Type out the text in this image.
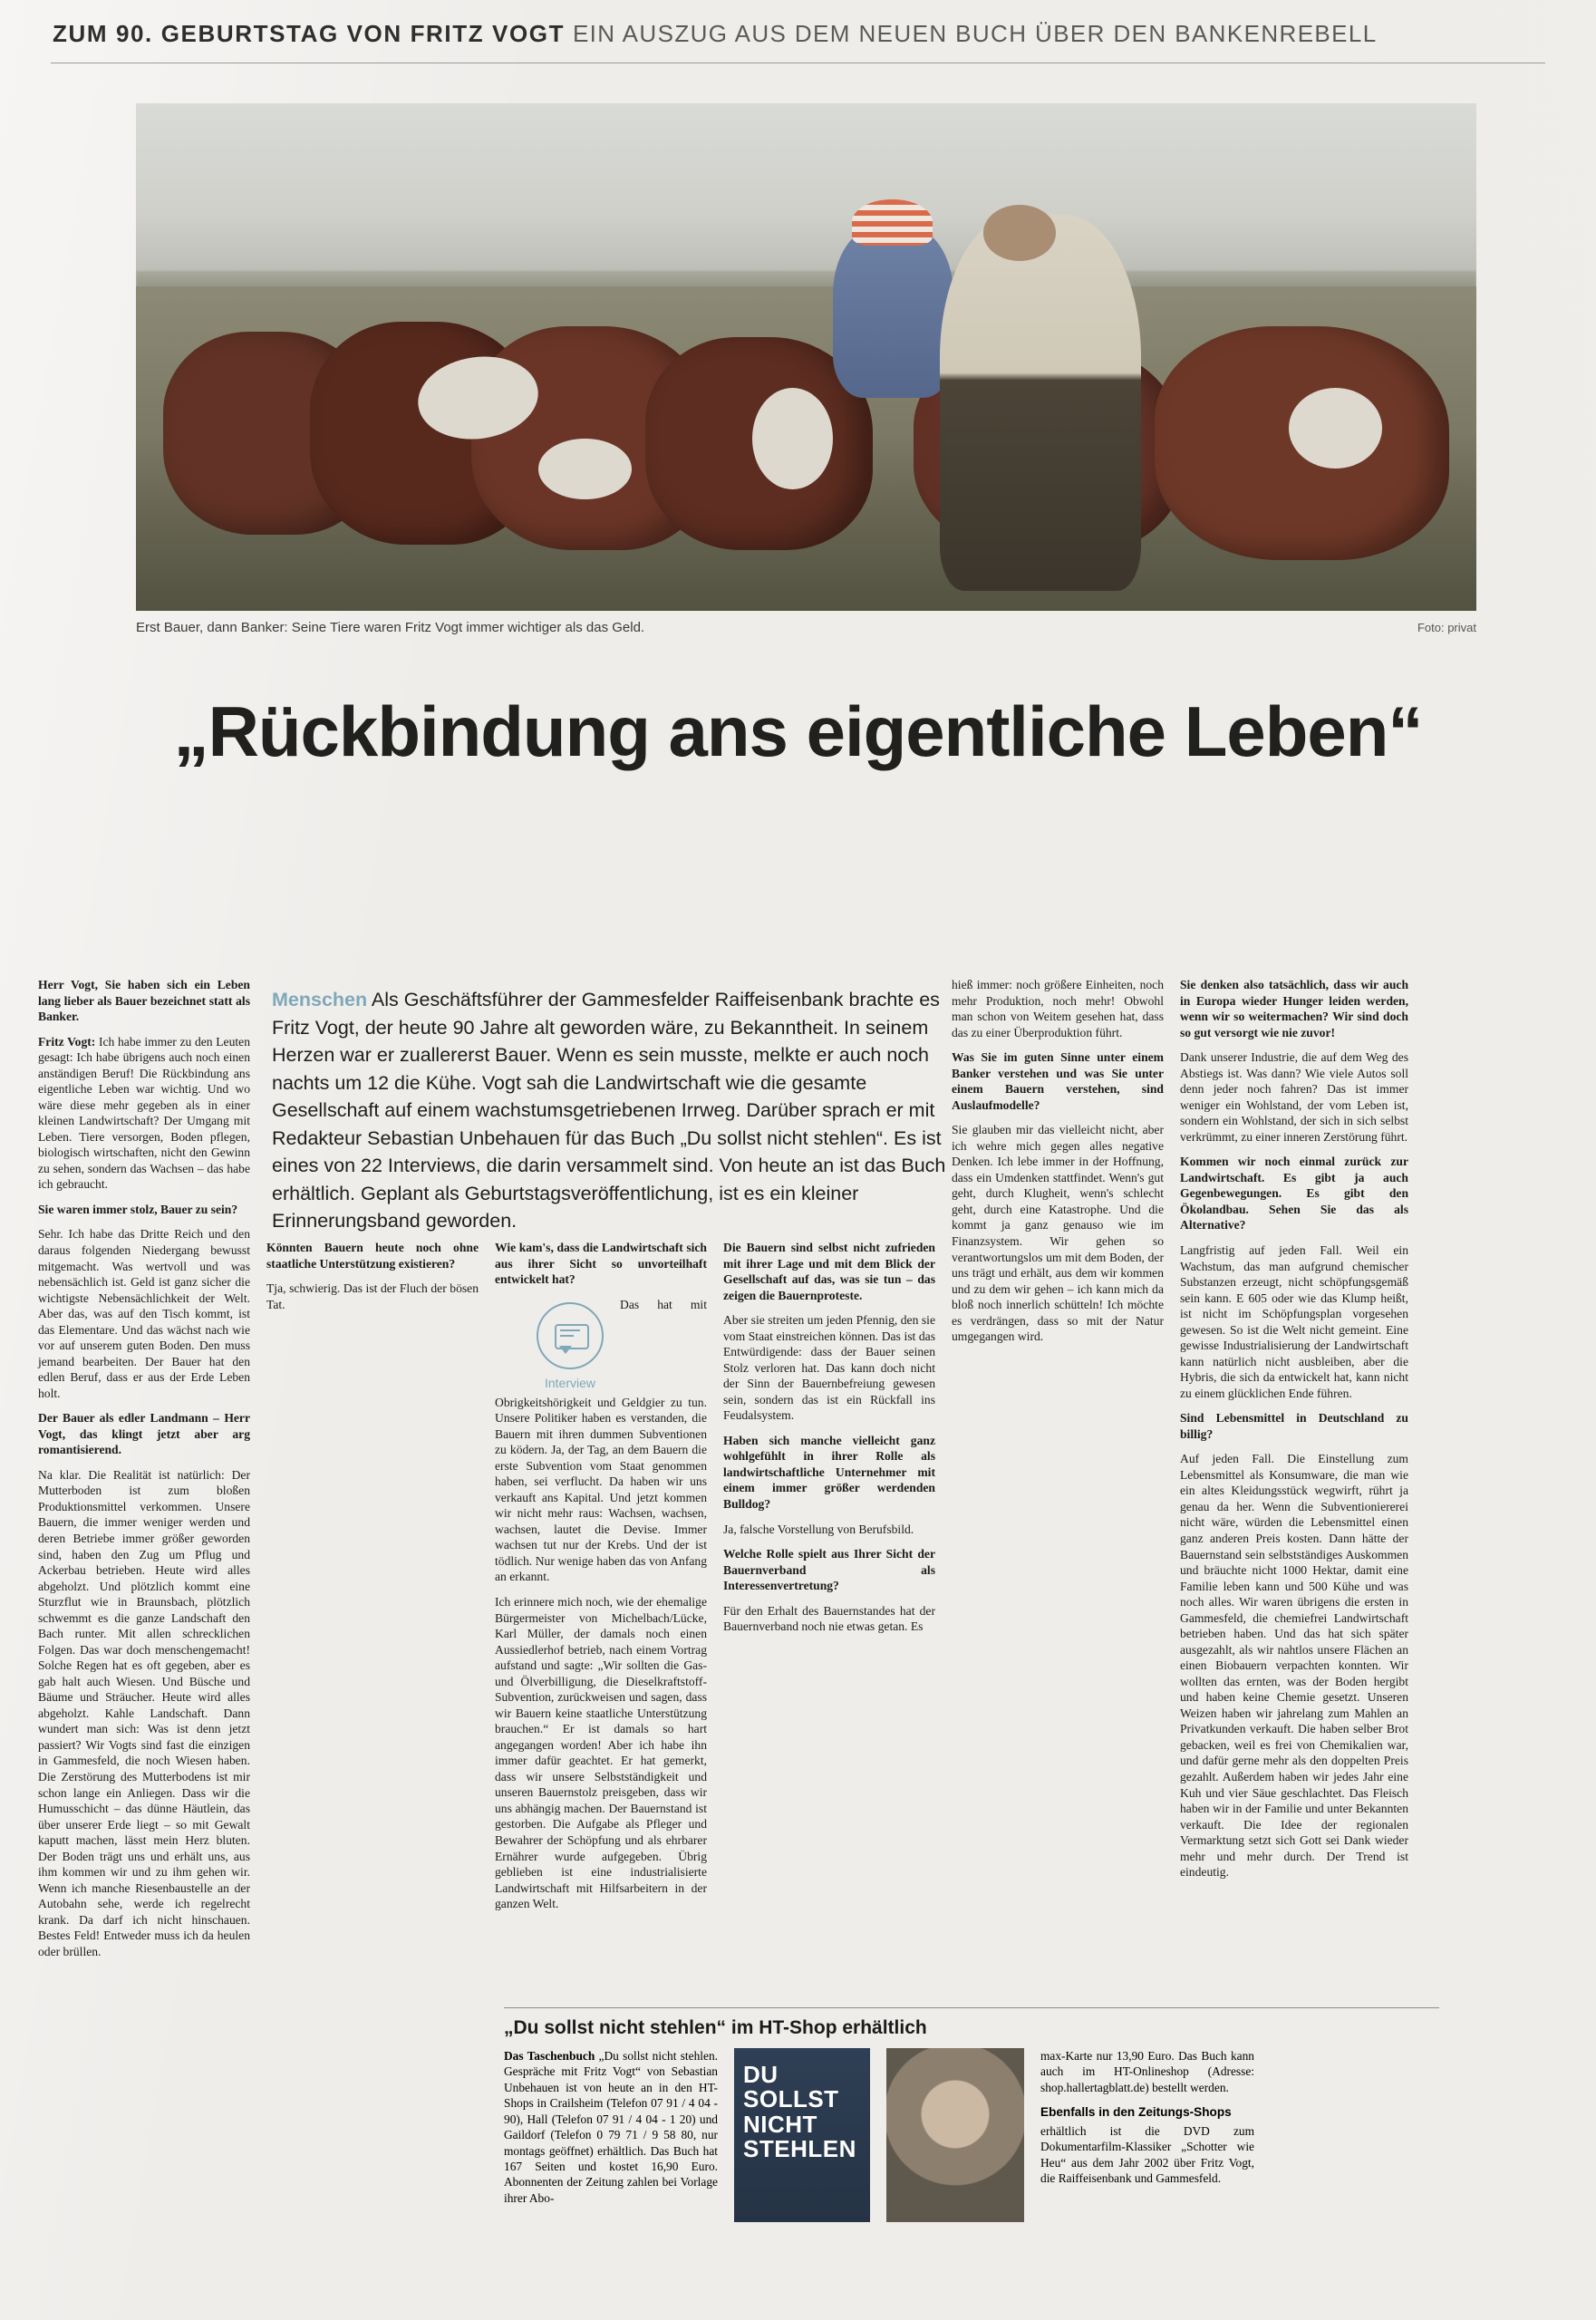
ZUM 90. GEBURTSTAG VON FRITZ VOGT EIN AUSZUG AUS DEM NEUEN BUCH ÜBER DEN BANKENREBELL
Erst Bauer, dann Banker: Seine Tiere waren Fritz Vogt immer wichtiger als das Geld.	Foto: privat
„Rückbindung ans eigentliche Leben“

Herr Vogt, Sie haben sich ein Leben lang lieber als Bauer bezeichnet statt als Banker.

Fritz Vogt: Ich habe immer zu den Leuten gesagt: Ich habe übrigens auch noch einen anständigen Beruf! Die Rückbindung ans eigentliche Leben war wichtig. Und wo wäre diese mehr gegeben als in einer kleinen Landwirtschaft? Der Umgang mit Leben. Tiere versorgen, Boden pflegen, biologisch wirtschaften, nicht den Gewinn zu sehen, sondern das Wachsen – das habe ich gebraucht.

Sie waren immer stolz, Bauer zu sein?

Sehr. Ich habe das Dritte Reich und den daraus folgenden Niedergang bewusst mitgemacht. Was wertvoll und was nebensächlich ist. Geld ist ganz sicher die wichtigste Nebensächlichkeit der Welt. Aber das, was auf den Tisch kommt, ist das Elementare. Und das wächst nach wie vor auf unserem guten Boden. Den muss jemand bearbeiten. Der Bauer hat den edlen Beruf, dass er aus der Erde Leben holt.

Der Bauer als edler Landmann – Herr Vogt, das klingt jetzt aber arg romantisierend.

Na klar. Die Realität ist natürlich: Der Mutterboden ist zum bloßen Produktionsmittel verkommen. Unsere Bauern, die immer weniger werden und deren Betriebe immer größer geworden sind, haben den Zug um Pflug und Ackerbau betrieben. Heute wird alles abgeholzt. Und plötzlich kommt eine Sturzflut wie in Braunsbach, plötzlich schwemmt es die ganze Landschaft den Bach runter. Mit allen schrecklichen Folgen. Das war doch menschengemacht! Solche Regen hat es oft gegeben, aber es gab halt auch Wiesen. Und Büsche und Bäume und Sträucher. Heute wird alles abgeholzt. Kahle Landschaft. Dann wundert man sich: Was ist denn jetzt passiert? Wir Vogts sind fast die einzigen in Gammesfeld, die noch Wiesen haben. Die Zerstörung des Mutterbodens ist mir schon lange ein Anliegen. Dass wir die Humusschicht – das dünne Häutlein, das über unserer Erde liegt – so mit Gewalt kaputt machen, lässt mein Herz bluten. Der Boden trägt uns und erhält uns, aus ihm kommen wir und zu ihm gehen wir. Wenn ich manche Riesenbaustelle an der Autobahn sehe, werde ich regelrecht krank. Da darf ich nicht hinschauen. Bestes Feld! Entweder muss ich da heulen oder brüllen.

Könnten Bauern heute noch ohne staatliche Unterstützung existieren?

Tja, schwierig. Das ist der Fluch der bösen Tat.

Wie kam's, dass die Landwirtschaft sich aus ihrer Sicht so unvorteilhaft entwickelt hat?

Interview

Das hat mit Obrigkeitshörigkeit und Geldgier zu tun. Unsere Politiker haben es verstanden, die Bauern mit ihren dummen Subventionen zu ködern. Ja, der Tag, an dem Bauern die erste Subvention vom Staat genommen haben, sei verflucht. Da haben wir uns verkauft ans Kapital. Und jetzt kommen wir nicht mehr raus: Wachsen, wachsen, wachsen, lautet die Devise. Immer wachsen tut nur der Krebs. Und der ist tödlich. Nur wenige haben das von Anfang an erkannt.

Ich erinnere mich noch, wie der ehemalige Bürgermeister von Michelbach/Lücke, Karl Müller, der damals noch einen Aussiedlerhof betrieb, nach einem Vortrag aufstand und sagte: „Wir sollten die Gas- und Ölverbilligung, die Dieselkraftstoff-Subvention, zurückweisen und sagen, dass wir Bauern keine staatliche Unterstützung brauchen.“ Er ist damals so hart angegangen worden! Aber ich habe ihn immer dafür geachtet. Er hat gemerkt, dass wir unsere Selbstständigkeit und unseren Bauernstolz preisgeben, dass wir uns abhängig machen. Der Bauernstand ist gestorben. Die Aufgabe als Pfleger und Bewahrer der Schöpfung und als ehrbarer Ernährer wurde aufgegeben. Übrig geblieben ist eine industrialisierte Landwirtschaft mit Hilfsarbeitern in der ganzen Welt.

Die Bauern sind selbst nicht zufrieden mit ihrer Lage und mit dem Blick der Gesellschaft auf das, was sie tun – das zeigen die Bauernproteste.

Aber sie streiten um jeden Pfennig, den sie vom Staat einstreichen können. Das ist das Entwürdigende: dass der Bauer seinen Stolz verloren hat. Das kann doch nicht der Sinn der Bauernbefreiung gewesen sein, sondern das ist ein Rückfall ins Feudalsystem.

Haben sich manche vielleicht ganz wohlgefühlt in ihrer Rolle als landwirtschaftliche Unternehmer mit einem immer größer werdenden Bulldog?

Ja, falsche Vorstellung von Berufsbild.

Welche Rolle spielt aus Ihrer Sicht der Bauernverband als Interessenvertretung?

Für den Erhalt des Bauernstandes hat der Bauernverband noch nie etwas getan. Es

hieß immer: noch größere Einheiten, noch mehr Produktion, noch mehr! Obwohl man schon von Weitem gesehen hat, dass das zu einer Überproduktion führt.

Was Sie im guten Sinne unter einem Banker verstehen und was Sie unter einem Bauern verstehen, sind Auslaufmodelle?

Sie glauben mir das vielleicht nicht, aber ich wehre mich gegen alles negative Denken. Ich lebe immer in der Hoffnung, dass ein Umdenken stattfindet. Wenn's gut geht, durch Klugheit, wenn's schlecht geht, durch eine Katastrophe. Und die kommt ja ganz genauso wie im Finanzsystem. Wir gehen so verantwortungslos um mit dem Boden, der uns trägt und erhält, aus dem wir kommen und zu dem wir gehen – ich kann mich da bloß noch innerlich schütteln! Ich möchte es verdrängen, dass so mit der Natur umgegangen wird.

Sie denken also tatsächlich, dass wir auch in Europa wieder Hunger leiden werden, wenn wir so weitermachen? Wir sind doch so gut versorgt wie nie zuvor!

Dank unserer Industrie, die auf dem Weg des Abstiegs ist. Was dann? Wie viele Autos soll denn jeder noch fahren? Das ist immer weniger ein Wohlstand, der vom Leben ist, sondern ein Wohlstand, der sich in sich selbst verkrümmt, zu einer inneren Zerstörung führt.

Kommen wir noch einmal zurück zur Landwirtschaft. Es gibt ja auch Gegenbewegungen. Es gibt den Ökolandbau. Sehen Sie das als Alternative?

Langfristig auf jeden Fall. Weil ein Wachstum, das man aufgrund chemischer Substanzen erzeugt, nicht schöpfungsgemäß sein kann. E 605 oder wie das Klump heißt, ist nicht im Schöpfungsplan vorgesehen gewesen. So ist die Welt nicht gemeint. Eine gewisse Industrialisierung der Landwirtschaft kann natürlich nicht ausbleiben, aber die Hybris, die sich da entwickelt hat, kann nicht zu einem glücklichen Ende führen.

Sind Lebensmittel in Deutschland zu billig?

Auf jeden Fall. Die Einstellung zum Lebensmittel als Konsumware, die man wie ein altes Kleidungsstück wegwirft, rührt ja genau da her. Wenn die Subventioniererei nicht wäre, würden die Lebensmittel einen ganz anderen Preis kosten. Dann hätte der Bauernstand sein selbstständiges Auskommen und bräuchte nicht 1000 Hektar, damit eine Familie leben kann und 500 Kühe und was noch alles. Wir waren übrigens die ersten in Gammesfeld, die chemiefrei Landwirtschaft betrieben haben. Und das hat sich später ausgezahlt, als wir nahtlos unsere Flächen an einen Biobauern verpachten konnten. Wir wollten das ernten, was der Boden hergibt und haben keine Chemie gesetzt. Unseren Weizen haben wir jahrelang zum Mahlen an Privatkunden verkauft. Die haben selber Brot gebacken, weil es frei von Chemikalien war, und dafür gerne mehr als den doppelten Preis gezahlt. Außerdem haben wir jedes Jahr eine Kuh und vier Säue geschlachtet. Das Fleisch haben wir in der Familie und unter Bekannten verkauft. Die Idee der regionalen Vermarktung setzt sich Gott sei Dank wieder mehr und mehr durch. Der Trend ist eindeutig.

Menschen Als Geschäftsführer der Gammesfelder Raiffeisenbank brachte es Fritz Vogt, der heute 90 Jahre alt geworden wäre, zu Bekanntheit. In seinem Herzen war er zuallererst Bauer. Wenn es sein musste, melkte er auch noch nachts um 12 die Kühe. Vogt sah die Landwirtschaft wie die gesamte Gesellschaft auf einem wachstumsgetriebenen Irrweg. Darüber sprach er mit Redakteur Sebastian Unbehauen für das Buch „Du sollst nicht stehlen“. Es ist eines von 22 Interviews, die darin versammelt sind. Von heute an ist das Buch erhältlich. Geplant als Geburtstagsveröffentlichung, ist es ein kleiner Erinnerungsband geworden.
„Du sollst nicht stehlen“ im HT-Shop erhältlich
Das Taschenbuch „Du sollst nicht stehlen. Gespräche mit Fritz Vogt“ von Sebastian Unbehauen ist von heute an in den HT-Shops in Crailsheim (Telefon 07 91 / 4 04 - 90), Hall (Telefon 07 91 / 4 04 - 1 20) und Gaildorf (Telefon 0 79 71 / 9 58 80, nur montags geöffnet) erhältlich. Das Buch hat 167 Seiten und kostet 16,90 Euro. Abonnenten der Zeitung zahlen bei Vorlage ihrer Abo-
DU SOLLST NICHT STEHLEN
max-Karte nur 13,90 Euro. Das Buch kann auch im HT-Onlineshop (Adresse: shop.hallertagblatt.de) bestellt werden.
Ebenfalls in den Zeitungs-Shops
erhältlich ist die DVD zum Dokumentarfilm-Klassiker „Schotter wie Heu“ aus dem Jahr 2002 über Fritz Vogt, die Raiffeisenbank und Gammesfeld.
